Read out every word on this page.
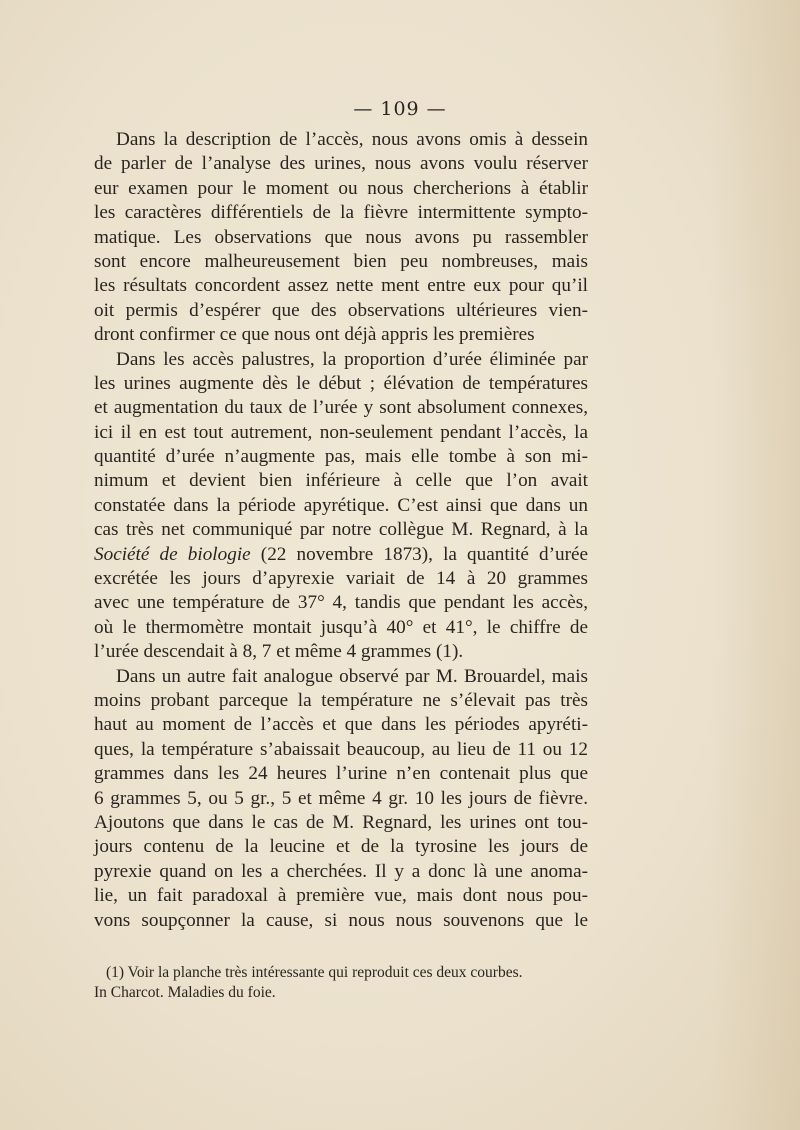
— 109 —
Dans la description de l’accès, nous avons omis à dessein
de parler de l’analyse des urines, nous avons voulu réserver
eur examen pour le moment ou nous chercherions à établir
les caractères différentiels de la fièvre intermittente sympto-
matique. Les observations que nous avons pu rassembler
sont encore malheureusement bien peu nombreuses, mais
les résultats concordent assez nette ment entre eux pour qu’il
oit permis d’espérer que des observations ultérieures vien-
dront confirmer ce que nous ont déjà appris les premières
Dans les accès palustres, la proportion d’urée éliminée par
les urines augmente dès le début ; élévation de températures
et augmentation du taux de l’urée y sont absolument connexes,
ici il en est tout autrement, non-seulement pendant l’accès, la
quantité d’urée n’augmente pas, mais elle tombe à son mi-
nimum et devient bien inférieure à celle que l’on avait
constatée dans la période apyrétique. C’est ainsi que dans un
cas très net communiqué par notre collègue M. Regnard, à la
Société de biologie (22 novembre 1873), la quantité d’urée
excrétée les jours d’apyrexie variait de 14 à 20 grammes
avec une température de 37° 4, tandis que pendant les accès,
où le thermomètre montait jusqu’à 40° et 41°, le chiffre de
l’urée descendait à 8, 7 et même 4 grammes (1).
Dans un autre fait analogue observé par M. Brouardel, mais
moins probant parceque la température ne s’élevait pas très
haut au moment de l’accès et que dans les périodes apyréti-
ques, la température s’abaissait beaucoup, au lieu de 11 ou 12
grammes dans les 24 heures l’urine n’en contenait plus que
6 grammes 5, ou 5 gr., 5 et même 4 gr. 10 les jours de fièvre.
Ajoutons que dans le cas de M. Regnard, les urines ont tou-
jours contenu de la leucine et de la tyrosine les jours de
pyrexie quand on les a cherchées. Il y a donc là une anoma-
lie, un fait paradoxal à première vue, mais dont nous pou-
vons soupçonner la cause, si nous nous souvenons que le
(1) Voir la planche très intéressante qui reproduit ces deux courbes.
In Charcot. Maladies du foie.
